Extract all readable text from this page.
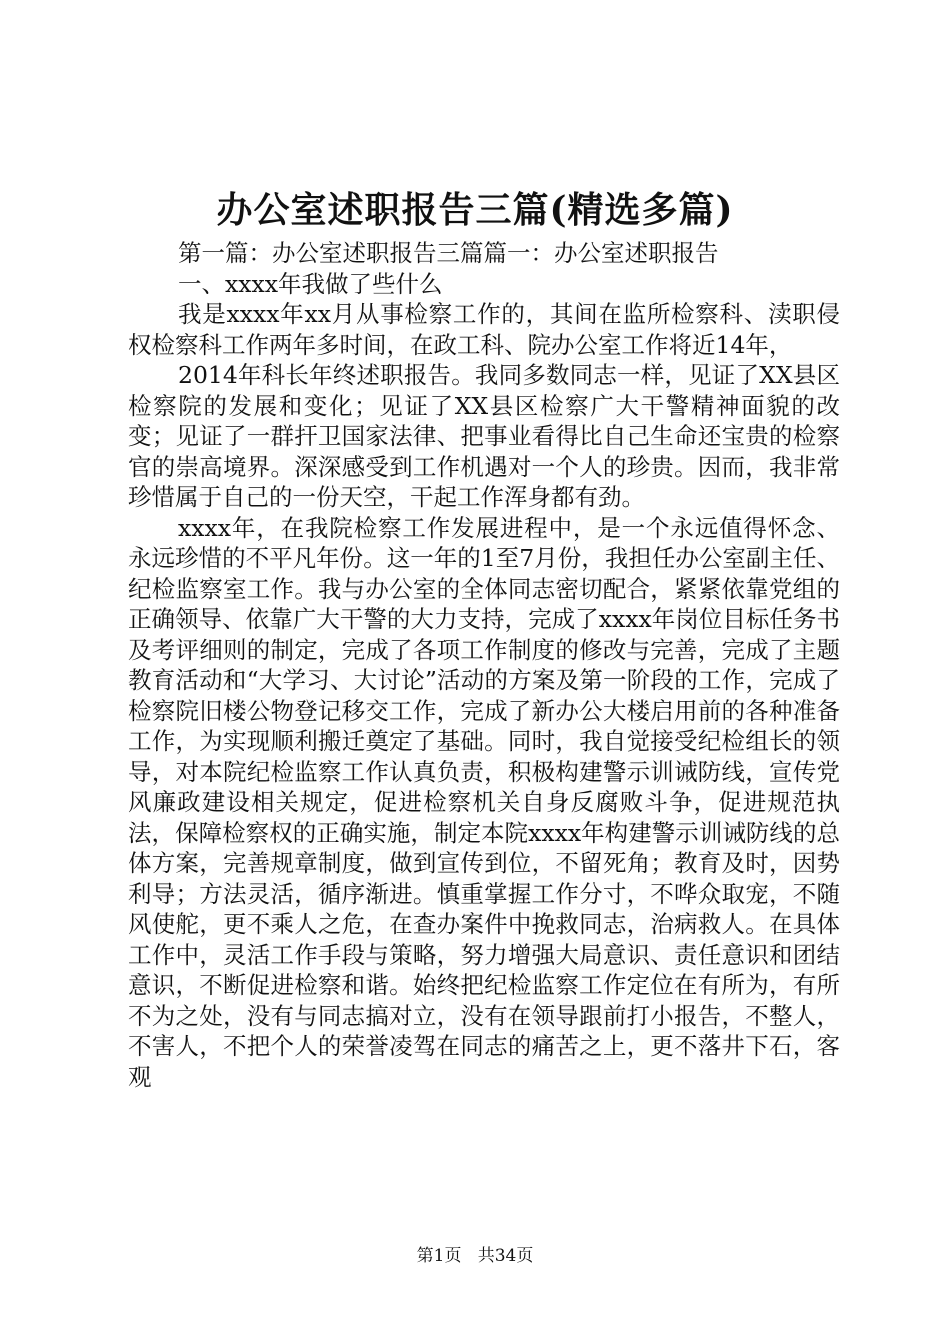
办公室述职报告三篇(精选多篇)

第一篇：办公室述职报告三篇篇一：办公室述职报告

一、xxxx年我做了些什么

我是xxxx年xx月从事检察工作的，其间在监所检察科、渎职侵权检察科工作两年多时间，在政工科、院办公室工作将近14年，

2014年科长年终述职报告。我同多数同志一样，见证了XX县区检察院的发展和变化；见证了XX县区检察广大干警精神面貌的改变；见证了一群扞卫国家法律、把事业看得比自己生命还宝贵的检察官的崇高境界。深深感受到工作机遇对一个人的珍贵。因而，我非常珍惜属于自己的一份天空，干起工作浑身都有劲。

xxxx年，在我院检察工作发展进程中，是一个永远值得怀念、永远珍惜的不平凡年份。这一年的1至7月份，我担任办公室副主任、纪检监察室工作。我与办公室的全体同志密切配合，紧紧依靠党组的正确领导、依靠广大干警的大力支持，完成了xxxx年岗位目标任务书及考评细则的制定，完成了各项工作制度的修改与完善，完成了主题教育活动和“大学习、大讨论”活动的方案及第一阶段的工作，完成了检察院旧楼公物登记移交工作，完成了新办公大楼启用前的各种准备工作，为实现顺利搬迁奠定了基础。同时，我自觉接受纪检组长的领导，对本院纪检监察工作认真负责，积极构建警示训诫防线，宣传党风廉政建设相关规定，促进检察机关自身反腐败斗争，促进规范执法，保障检察权的正确实施，制定本院xxxx年构建警示训诫防线的总体方案，完善规章制度，做到宣传到位，不留死角；教育及时，因势利导；方法灵活，循序渐进。慎重掌握工作分寸，不哗众取宠，不随风使舵，更不乘人之危，在查办案件中挽救同志，治病救人。在具体工作中，灵活工作手段与策略，努力增强大局意识、责任意识和团结意识，不断促进检察和谐。始终把纪检监察工作定位在有所为，有所不为之处，没有与同志搞对立，没有在领导跟前打小报告，不整人，不害人，不把个人的荣誉凌驾在同志的痛苦之上，更不落井下石，客观

第1页 共34页
